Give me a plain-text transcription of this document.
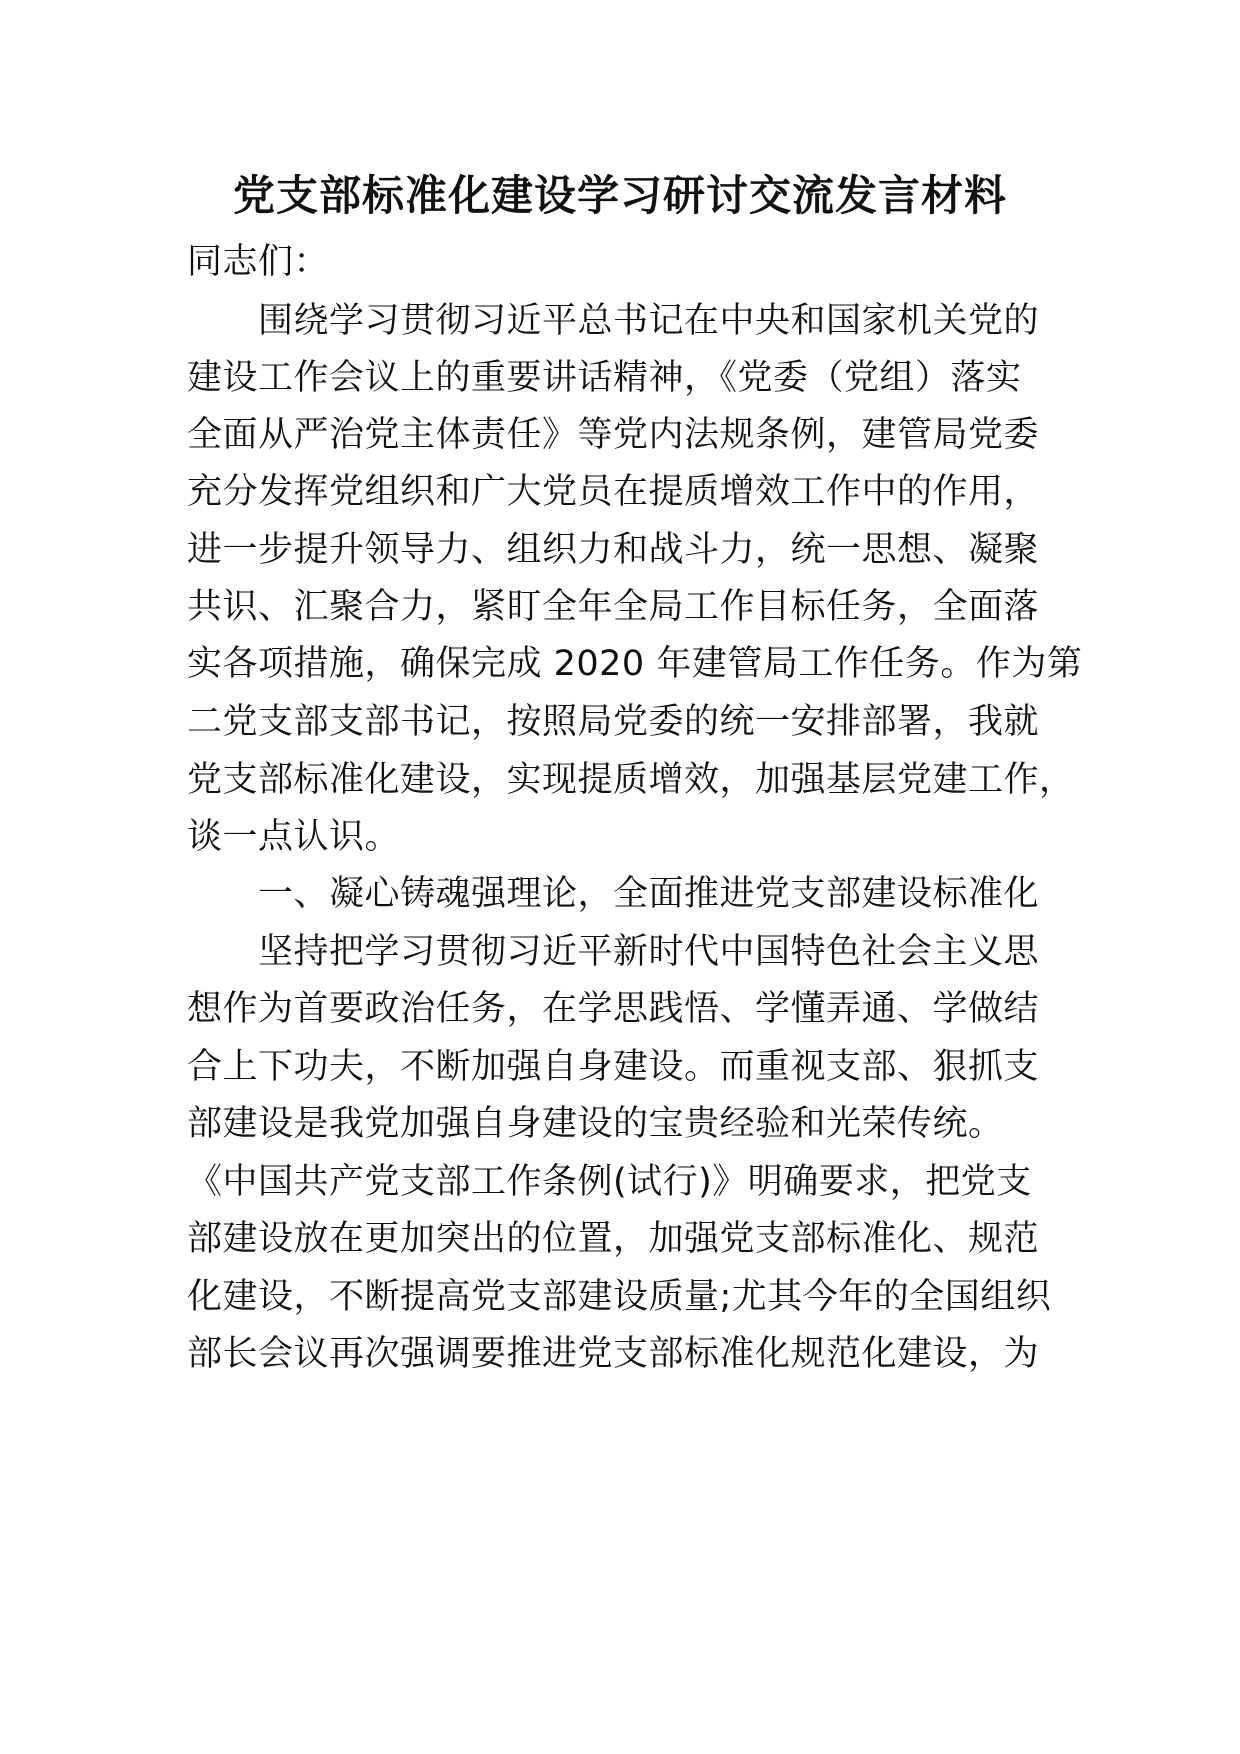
党支部标准化建设学习研讨交流发言材料
同志们：
围绕学习贯彻习近平总书记在中央和国家机关党的
建设工作会议上的重要讲话精神，《党委（党组）落实
全面从严治党主体责任》等党内法规条例，建管局党委
充分发挥党组织和广大党员在提质增效工作中的作用，
进一步提升领导力、组织力和战斗力，统一思想、凝聚
共识、汇聚合力，紧盯全年全局工作目标任务，全面落
实各项措施，确保完成 2020 年建管局工作任务。作为第
二党支部支部书记，按照局党委的统一安排部署，我就
党支部标准化建设，实现提质增效，加强基层党建工作，
谈一点认识。
一、凝心铸魂强理论，全面推进党支部建设标准化
坚持把学习贯彻习近平新时代中国特色社会主义思
想作为首要政治任务，在学思践悟、学懂弄通、学做结
合上下功夫，不断加强自身建设。而重视支部、狠抓支
部建设是我党加强自身建设的宝贵经验和光荣传统。
《中国共产党支部工作条例(试行)》明确要求，把党支
部建设放在更加突出的位置，加强党支部标准化、规范
化建设，不断提高党支部建设质量;尤其今年的全国组织
部长会议再次强调要推进党支部标准化规范化建设，为
